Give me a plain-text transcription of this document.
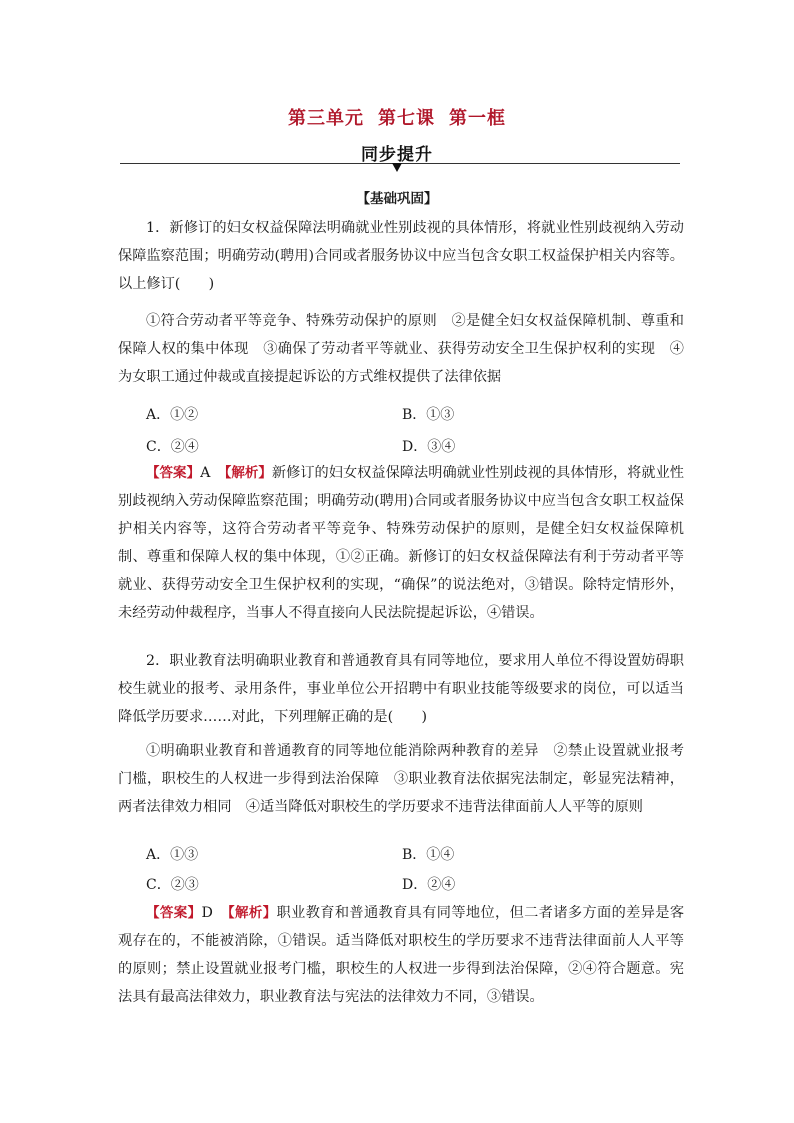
第三单元 第七课 第一框
同步提升
【基础巩固】

1．新修订的妇女权益保障法明确就业性别歧视的具体情形，将就业性别歧视纳入劳动保障监察范围；明确劳动(聘用)合同或者服务协议中应当包含女职工权益保护相关内容等。以上修订(　　)

①符合劳动者平等竞争、特殊劳动保护的原则　②是健全妇女权益保障机制、尊重和保障人权的集中体现　③确保了劳动者平等就业、获得劳动安全卫生保护权利的实现　④为女职工通过仲裁或直接提起诉讼的方式维权提供了法律依据

A．①②	B．①③
C．②④	D．③④

【答案】A　 【解析】新修订的妇女权益保障法明确就业性别歧视的具体情形，将就业性别歧视纳入劳动保障监察范围；明确劳动(聘用)合同或者服务协议中应当包含女职工权益保护相关内容等，这符合劳动者平等竞争、特殊劳动保护的原则，是健全妇女权益保障机制、尊重和保障人权的集中体现，①②正确。新修订的妇女权益保障法有利于劳动者平等就业、获得劳动安全卫生保护权利的实现，“确保”的说法绝对，③错误。除特定情形外，未经劳动仲裁程序，当事人不得直接向人民法院提起诉讼，④错误。

2．职业教育法明确职业教育和普通教育具有同等地位，要求用人单位不得设置妨碍职校生就业的报考、录用条件，事业单位公开招聘中有职业技能等级要求的岗位，可以适当降低学历要求……对此，下列理解正确的是(　　)

①明确职业教育和普通教育的同等地位能消除两种教育的差异　②禁止设置就业报考门槛，职校生的人权进一步得到法治保障　③职业教育法依据宪法制定，彰显宪法精神，两者法律效力相同　④适当降低对职校生的学历要求不违背法律面前人人平等的原则

A．①③	B．①④
C．②③	D．②④

【答案】D　 【解析】职业教育和普通教育具有同等地位，但二者诸多方面的差异是客观存在的，不能被消除，①错误。适当降低对职校生的学历要求不违背法律面前人人平等的原则；禁止设置就业报考门槛，职校生的人权进一步得到法治保障，②④符合题意。宪法具有最高法律效力，职业教育法与宪法的法律效力不同，③错误。
